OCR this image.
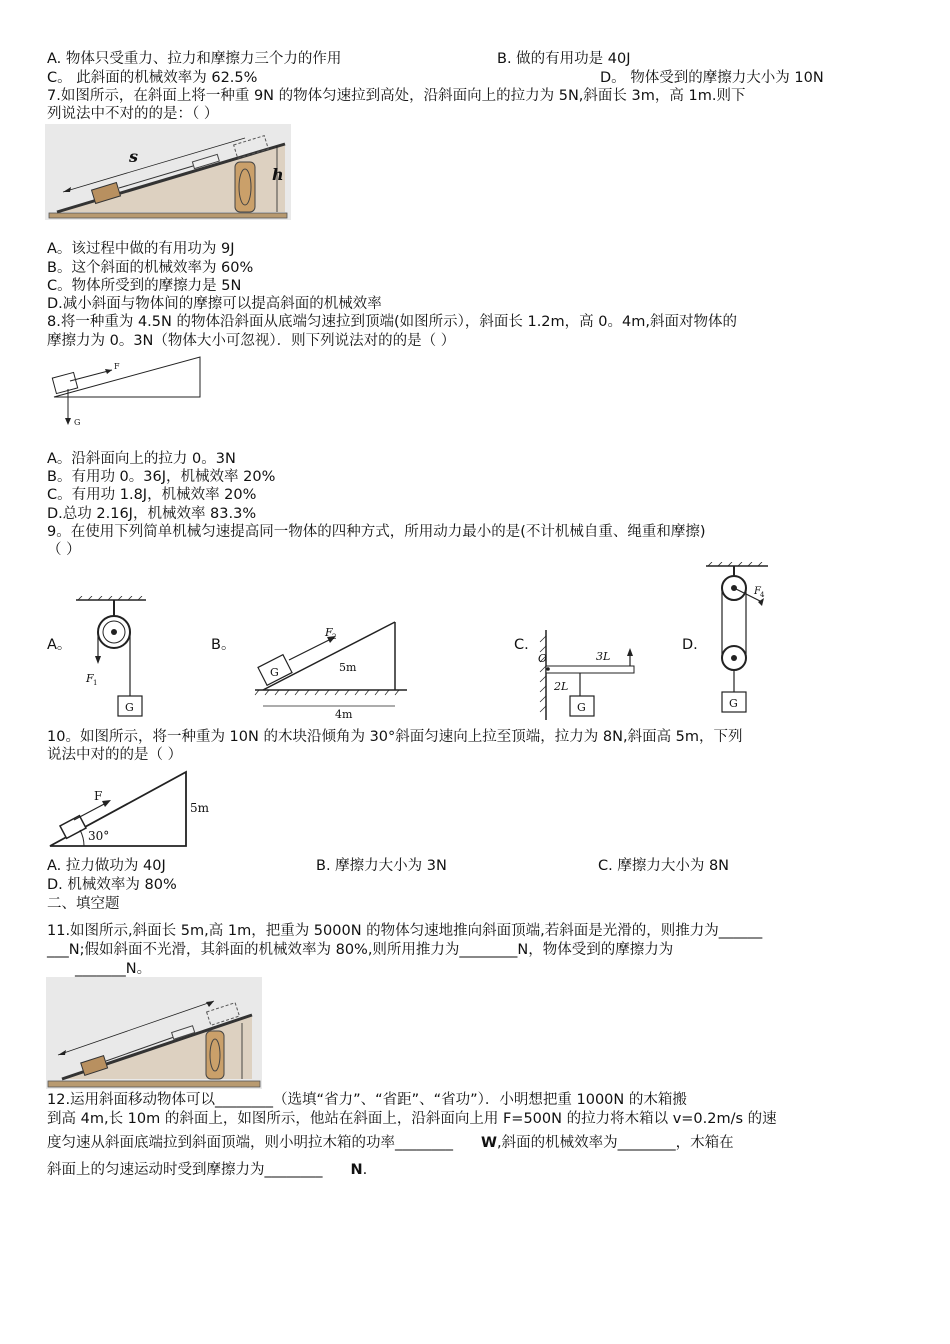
A. 物体只受重力、拉力和摩擦力三个力的作用	B. 做的有用功是 40J
C。 此斜面的机械效率为 62.5%	D。 物体受到的摩擦力大小为 10N
7.如图所示，在斜面上将一种重 9N 的物体匀速拉到高处，沿斜面向上的拉力为 5N,斜面长 3m，高 1m.则下
列说法中不对的的是：（ ）
s
h
A。该过程中做的有用功为 9J
B。这个斜面的机械效率为 60%
C。物体所受到的摩擦力是 5N
D.减小斜面与物体间的摩擦可以提高斜面的机械效率
8.将一种重为 4.5N 的物体沿斜面从底端匀速拉到顶端(如图所示），斜面长 1.2m，高 0。4m,斜面对物体的
摩擦力为 0。3N（物体大小可忽视）．则下列说法对的的是（ ）
F
G
A。沿斜面向上的拉力 0。3N
B。有用功 0。36J，机械效率 20%
C。有用功 1.8J，机械效率 20%
D.总功 2.16J，机械效率 83.3%
9。在使用下列简单机械匀速提高同一物体的四种方式，所用动力最小的是(不计机械自重、绳重和摩擦)
（ ）
A。	B。	C.	D.
G
F 1
G
F 2
5m
4m
3L
O
G
2L
F 4
G
10。如图所示，将一种重为 10N 的木块沿倾角为 30°斜面匀速向上拉至顶端，拉力为 8N,斜面高 5m，下列
说法中对的的是（ ）
F
30°
5m
A. 拉力做功为 40J	B. 摩擦力大小为 3N	C. 摩擦力大小为 8N
D. 机械效率为 80%
二、填空题
11.如图所示,斜面长 5m,高 1m，把重为 5000N 的物体匀速地推向斜面顶端,若斜面是光滑的，则推力为______
___N;假如斜面不光滑，其斜面的机械效率为 80%,则所用推力为________N，物体受到的摩擦力为
_______N。
12.运用斜面移动物体可以________（选填“省力”、“省距”、“省功”）．小明想把重 1000N 的木箱搬
到高 4m,长 10m 的斜面上，如图所示，他站在斜面上，沿斜面向上用 F=500N 的拉力将木箱以 v=0.2m/s 的速
度匀速从斜面底端拉到斜面顶端，则小明拉木箱的功率________ W,斜面的机械效率为________，木箱在
斜面上的匀速运动时受到摩擦力为________ N.
